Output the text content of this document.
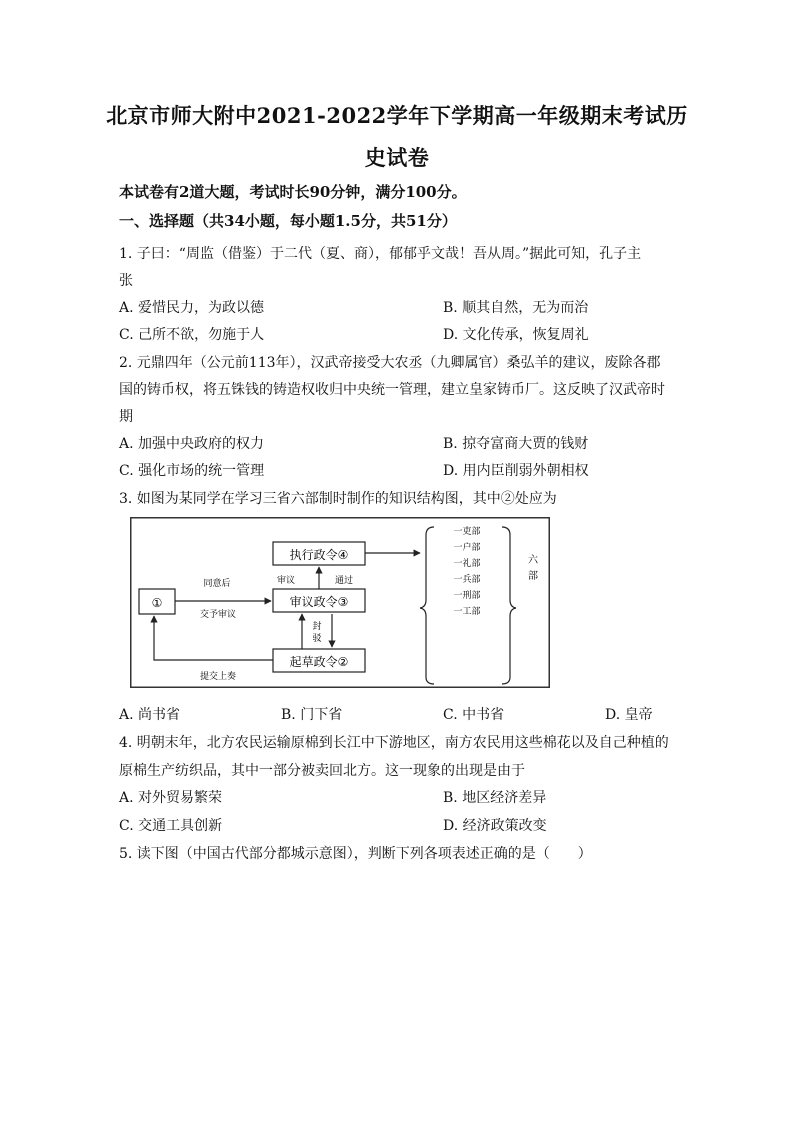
北京市师大附中2021-2022学年下学期高一年级期末考试历
史试卷
本试卷有2道大题，考试时长90分钟，满分100分。
一、选择题（共34小题，每小题1.5分，共51分）
1. 子曰：“周监（借鉴）于二代（夏、商），郁郁乎文哉！吾从周。”据此可知，孔子主
张
A. 爱惜民力，为政以德	B. 顺其自然，无为而治
C. 己所不欲，勿施于人	D. 文化传承，恢复周礼
2. 元鼎四年（公元前113年），汉武帝接受大农丞（九卿属官）桑弘羊的建议，废除各郡
国的铸币权，将五铢钱的铸造权收归中央统一管理，建立皇家铸币厂。这反映了汉武帝时
期
A. 加强中央政府的权力	B. 掠夺富商大贾的钱财
C. 强化市场的统一管理	D. 用内臣削弱外朝相权
3. 如图为某同学在学习三省六部制时制作的知识结构图，其中②处应为
①
执行政令④
审议政令③
起草政令②
同意后
交予审议
审议	通过
封
驳
提交上奏
一吏部
一户部
一礼部
一兵部
一刑部
一工部
六
部
A. 尚书省	B. 门下省	C. 中书省	D. 皇帝
4. 明朝末年，北方农民运输原棉到长江中下游地区，南方农民用这些棉花以及自己种植的
原棉生产纺织品，其中一部分被卖回北方。这一现象的出现是由于
A. 对外贸易繁荣	B. 地区经济差异
C. 交通工具创新	D. 经济政策改变
5. 读下图（中国古代部分都城示意图），判断下列各项表述正确的是（　　）
